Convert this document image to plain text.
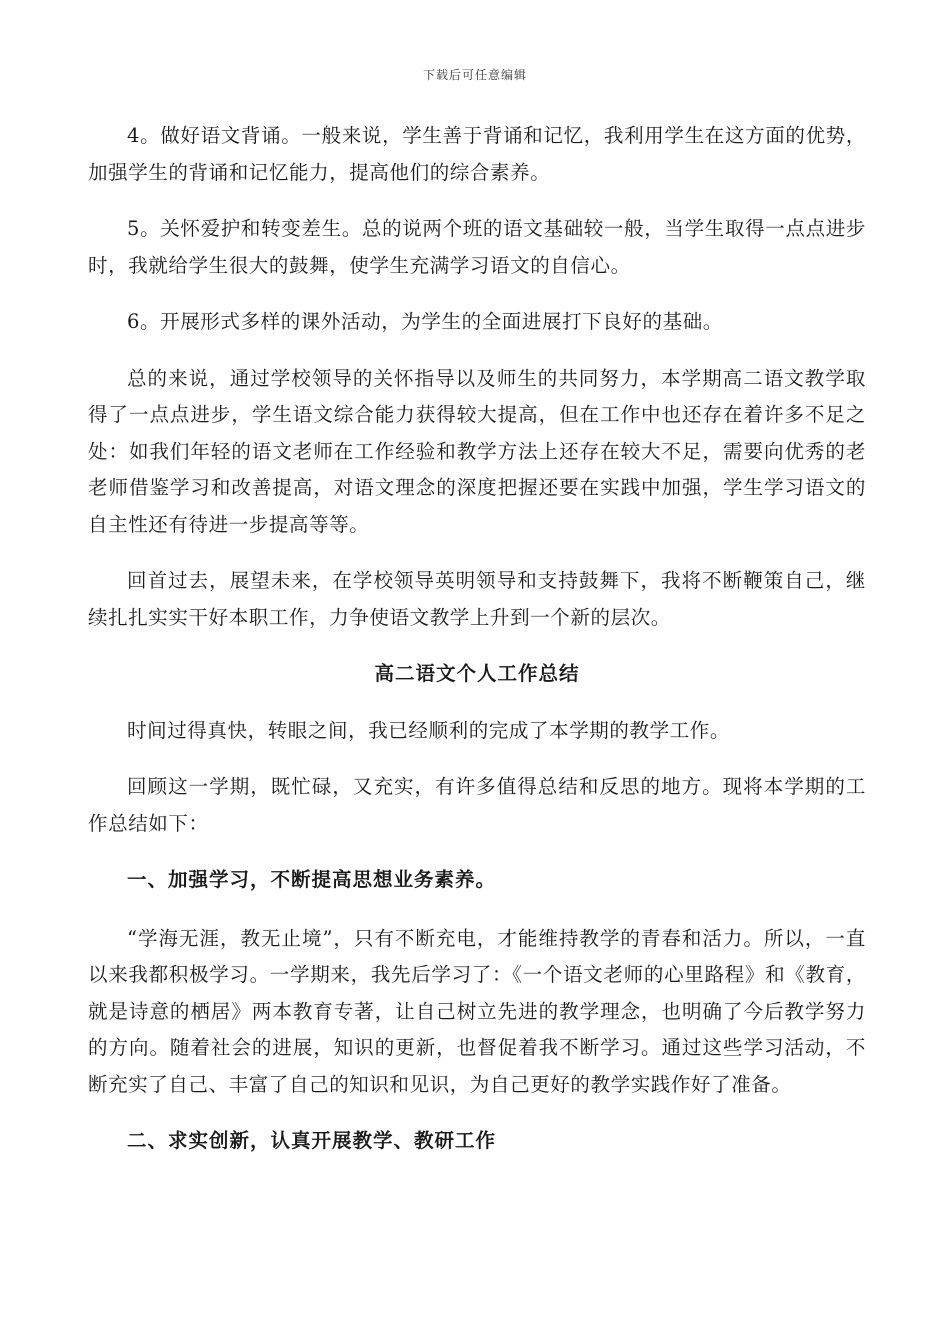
下载后可任意编辑

4。做好语文背诵。一般来说，学生善于背诵和记忆，我利用学生在这方面的优势，加强学生的背诵和记忆能力，提高他们的综合素养。

5。关怀爱护和转变差生。总的说两个班的语文基础较一般，当学生取得一点点进步时，我就给学生很大的鼓舞，使学生充满学习语文的自信心。

6。开展形式多样的课外活动，为学生的全面进展打下良好的基础。

总的来说，通过学校领导的关怀指导以及师生的共同努力，本学期高二语文教学取得了一点点进步，学生语文综合能力获得较大提高，但在工作中也还存在着许多不足之处：如我们年轻的语文老师在工作经验和教学方法上还存在较大不足，需要向优秀的老老师借鉴学习和改善提高，对语文理念的深度把握还要在实践中加强，学生学习语文的自主性还有待进一步提高等等。

回首过去，展望未来，在学校领导英明领导和支持鼓舞下，我将不断鞭策自己，继续扎扎实实干好本职工作，力争使语文教学上升到一个新的层次。

高二语文个人工作总结

时间过得真快，转眼之间，我已经顺利的完成了本学期的教学工作。

回顾这一学期，既忙碌，又充实，有许多值得总结和反思的地方。现将本学期的工作总结如下：

一、加强学习，不断提高思想业务素养。

“学海无涯，教无止境”，只有不断充电，才能维持教学的青春和活力。所以，一直以来我都积极学习。一学期来，我先后学习了：《一个语文老师的心里路程》和《教育，就是诗意的栖居》两本教育专著，让自己树立先进的教学理念，也明确了今后教学努力的方向。随着社会的进展，知识的更新，也督促着我不断学习。通过这些学习活动，不断充实了自己、丰富了自己的知识和见识，为自己更好的教学实践作好了准备。

二、求实创新，认真开展教学、教研工作
